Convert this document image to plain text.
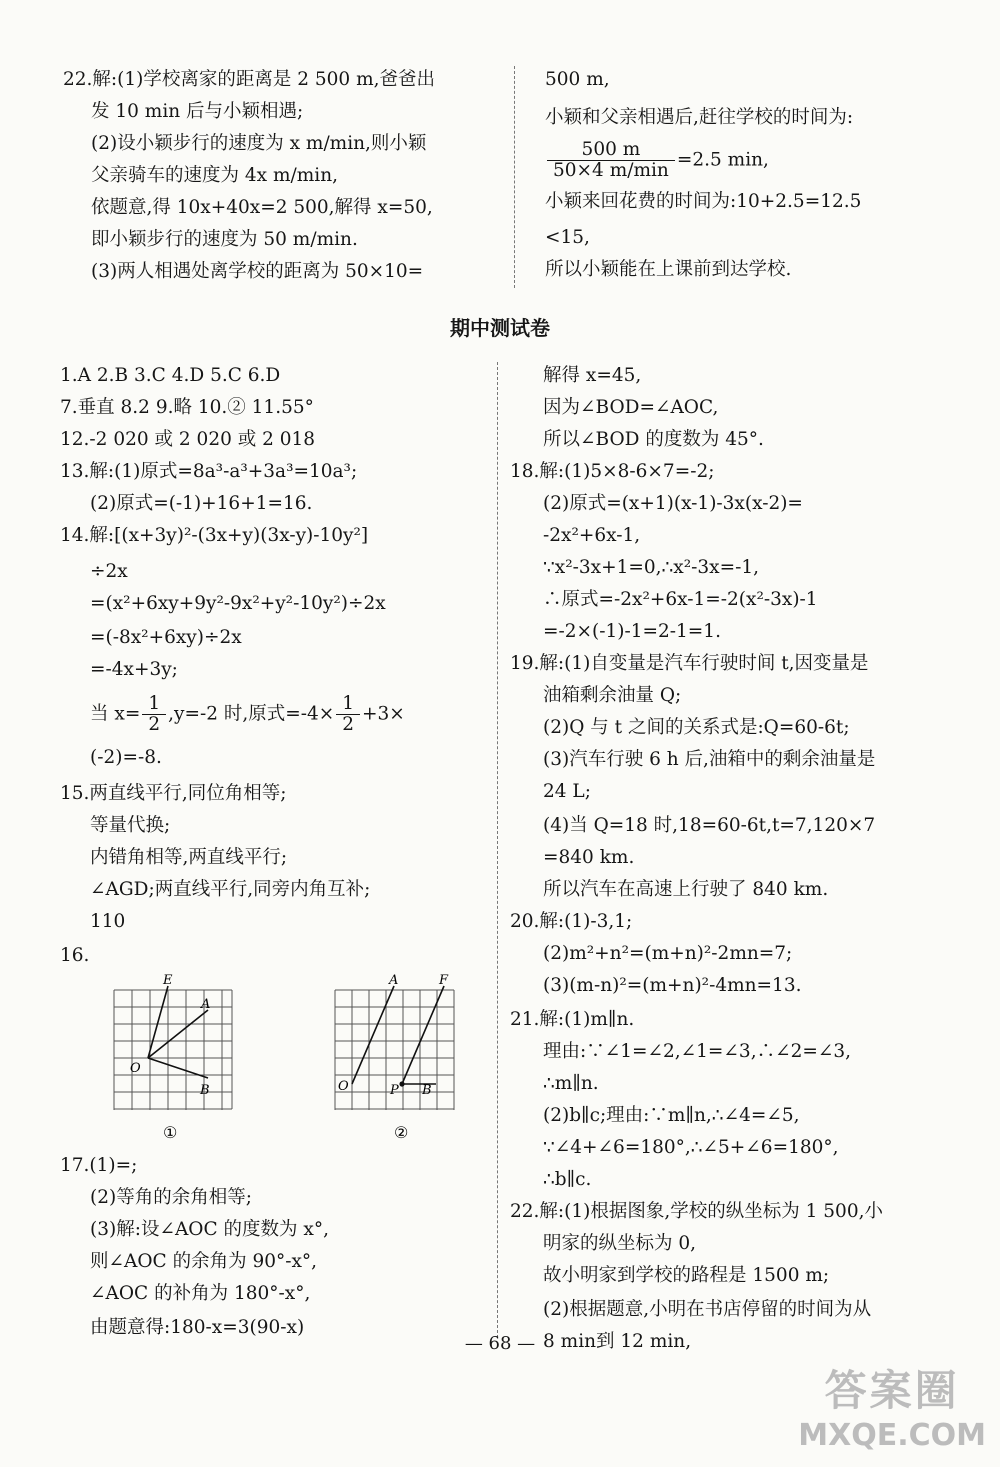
22.解:(1)学校离家的距离是 2 500 m,爸爸出
发 10 min 后与小颖相遇;
(2)设小颖步行的速度为 x m/min,则小颖
父亲骑车的速度为 4x m/min,
依题意,得 10x+40x=2 500,解得 x=50,
即小颖步行的速度为 50 m/min.
(3)两人相遇处离学校的距离为 50×10=
500 m,
小颖和父亲相遇后,赶往学校的时间为:
$\frac{500 m}{50\times 4 m/\min} =2.5$ min,
小颖来回花费的时间为:10+2.5=12.5
<15,
所以小颖能在上课前到达学校.
期中测试卷
1.A 2.B 3.C 4.D 5.C 6.D
7.垂直 8.2 9.略 10.② 11.55°
12.-2 020 或 2 020 或 2 018
13.解:(1)原式=8a³-a³+3a³=10a³;
(2)原式=(-1)+16+1=16.
14.解:[(x+3y)²-(3x+y)(3x-y)-10y²]
÷2x
=(x²+6xy+9y²-9x²+y²-10y²)÷2x
=(-8x²+6xy)÷2x
=-4x+3y;
当 $x= \frac{1}{2} ,y=-2$ 时,原式$=-4\times \frac{1}{2} +3\times$
(-2)=-8.
15.两直线平行,同位角相等;
等量代换;
内错角相等,两直线平行;
∠AGD;两直线平行,同旁内角互补;
110
16.
17.(1)=;
(2)等角的余角相等;
(3)解:设∠AOC 的度数为 x°,
则∠AOC 的余角为 90°-x°,
∠AOC 的补角为 180°-x°,
由题意得:180-x=3(90-x)
E
A
O
B
①
A	F
O	P B
②
解得 x=45,
因为∠BOD=∠AOC,
所以∠BOD 的度数为 45°.
18.解:(1)5×8-6×7=-2;
(2)原式=(x+1)(x-1)-3x(x-2)=
-2x²+6x-1,
∵x²-3x+1=0,∴x²-3x=-1,
∴原式=-2x²+6x-1=-2(x²-3x)-1
=-2×(-1)-1=2-1=1.
19.解:(1)自变量是汽车行驶时间 t,因变量是
油箱剩余油量 Q;
(2)Q 与 t 之间的关系式是:Q=60-6t;
(3)汽车行驶 6 h 后,油箱中的剩余油量是
24 L;
(4)当 Q=18 时,18=60-6t,t=7,120×7
=840 km.
所以汽车在高速上行驶了 840 km.
20.解:(1)-3,1;
(2)m²+n²=(m+n)²-2mn=7;
(3)(m-n)²=(m+n)²-4mn=13.
21.解:(1)m∥n.
理由:∵∠1=∠2,∠1=∠3,∴∠2=∠3,
∴m∥n.
(2)b∥c;理由:∵m∥n,∴∠4=∠5,
∵∠4+∠6=180°,∴∠5+∠6=180°,
∴b∥c.
22.解:(1)根据图象,学校的纵坐标为 1 500,小
明家的纵坐标为 0,
故小明家到学校的路程是 1500 m;
(2)根据题意,小明在书店停留的时间为从
8 min到 12 min,
— 68 —
答案圈
MXQE.COM
